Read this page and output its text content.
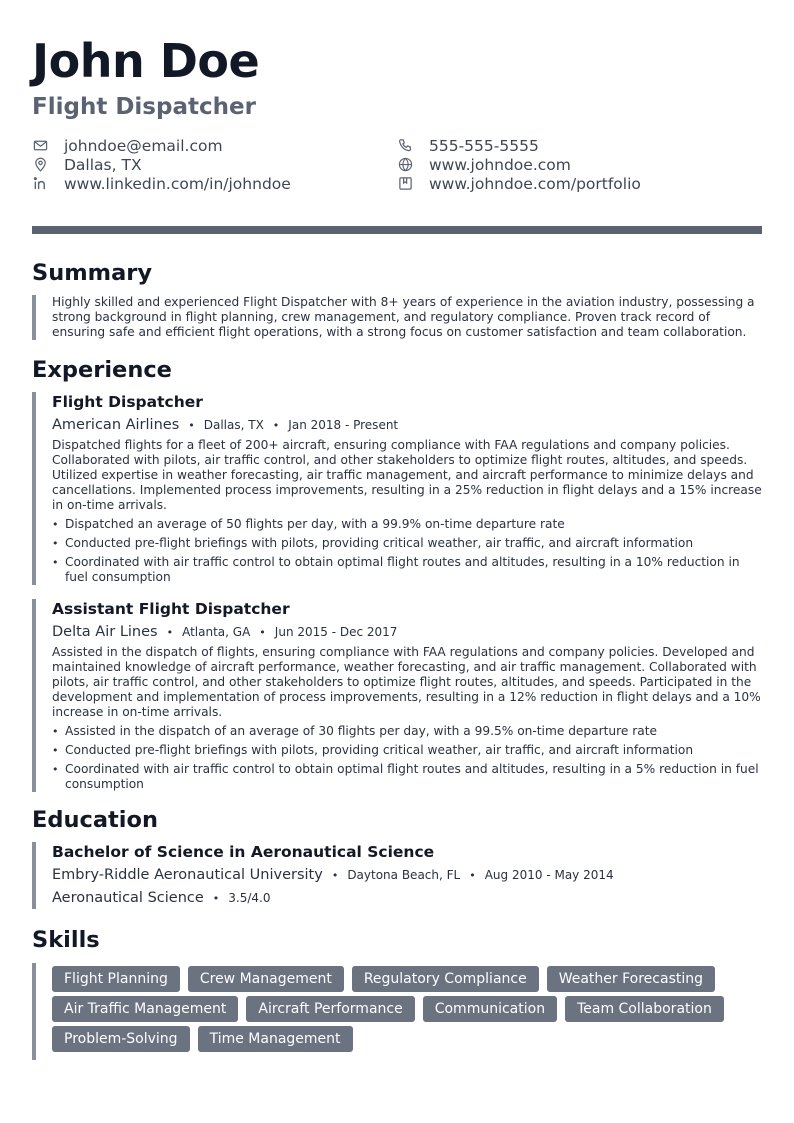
John Doe
Flight Dispatcher
johndoe@email.com
Dallas, TX
www.linkedin.com/in/johndoe
555-555-5555
www.johndoe.com
www.johndoe.com/portfolio
Summary
Highly skilled and experienced Flight Dispatcher with 8+ years of experience in the aviation industry, possessing a strong background in flight planning, crew management, and regulatory compliance. Proven track record of ensuring safe and efficient flight operations, with a strong focus on customer satisfaction and team collaboration.
Experience
Flight Dispatcher
American Airlines • Dallas, TX • Jan 2018 - Present
Dispatched flights for a fleet of 200+ aircraft, ensuring compliance with FAA regulations and company policies. Collaborated with pilots, air traffic control, and other stakeholders to optimize flight routes, altitudes, and speeds. Utilized expertise in weather forecasting, air traffic management, and aircraft performance to minimize delays and cancellations. Implemented process improvements, resulting in a 25% reduction in flight delays and a 15% increase in on-time arrivals.
• Dispatched an average of 50 flights per day, with a 99.9% on-time departure rate
• Conducted pre-flight briefings with pilots, providing critical weather, air traffic, and aircraft information
• Coordinated with air traffic control to obtain optimal flight routes and altitudes, resulting in a 10% reduction in fuel consumption
Assistant Flight Dispatcher
Delta Air Lines • Atlanta, GA • Jun 2015 - Dec 2017
Assisted in the dispatch of flights, ensuring compliance with FAA regulations and company policies. Developed and maintained knowledge of aircraft performance, weather forecasting, and air traffic management. Collaborated with pilots, air traffic control, and other stakeholders to optimize flight routes, altitudes, and speeds. Participated in the development and implementation of process improvements, resulting in a 12% reduction in flight delays and a 10% increase in on-time arrivals.
• Assisted in the dispatch of an average of 30 flights per day, with a 99.5% on-time departure rate
• Conducted pre-flight briefings with pilots, providing critical weather, air traffic, and aircraft information
• Coordinated with air traffic control to obtain optimal flight routes and altitudes, resulting in a 5% reduction in fuel consumption
Education
Bachelor of Science in Aeronautical Science
Embry-Riddle Aeronautical University • Daytona Beach, FL • Aug 2010 - May 2014
Aeronautical Science • 3.5/4.0
Skills
Flight Planning	Crew Management	Regulatory Compliance	Weather Forecasting
Air Traffic Management	Aircraft Performance	Communication	Team Collaboration
Problem-Solving	Time Management
